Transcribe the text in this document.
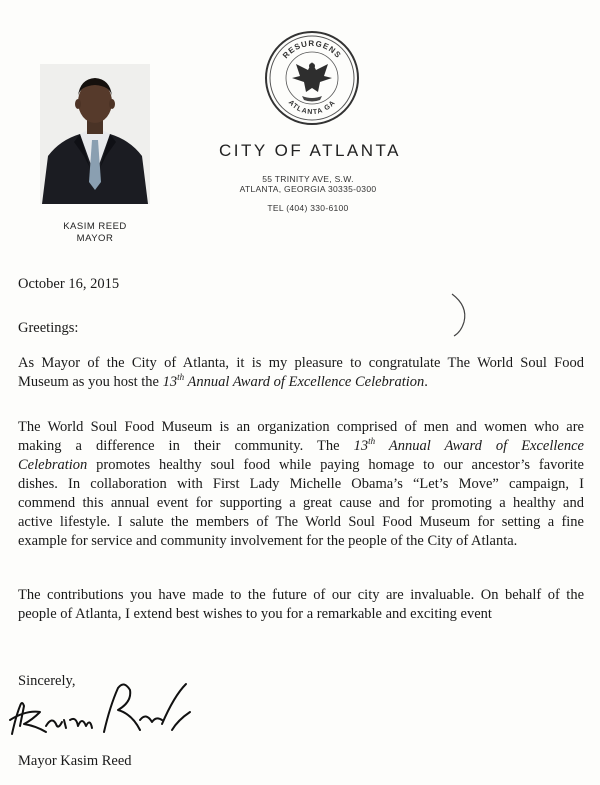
KASIM REED
MAYOR
RESURGENS
ATLANTA GA
CITY OF ATLANTA
55 TRINITY AVE, S.W.
ATLANTA, GEORGIA 30335-0300
TEL (404) 330-6100
October 16, 2015
Greetings:
As Mayor of the City of Atlanta, it is my pleasure to congratulate The World Soul Food
Museum as you host the 13th Annual Award of Excellence Celebration.
The World Soul Food Museum is an organization comprised of men and women who are
making a difference in their community. The 13th Annual Award of Excellence
Celebration promotes healthy soul food while paying homage to our ancestor’s favorite
dishes. In collaboration with First Lady Michelle Obama’s “Let’s Move” campaign, I
commend this annual event for supporting a great cause and for promoting a healthy and
active lifestyle. I salute the members of The World Soul Food Museum for setting a fine
example for service and community involvement for the people of the City of Atlanta.
The contributions you have made to the future of our city are invaluable. On behalf of the
people of Atlanta, I extend best wishes to you for a remarkable and exciting event
Sincerely,
Mayor Kasim Reed
